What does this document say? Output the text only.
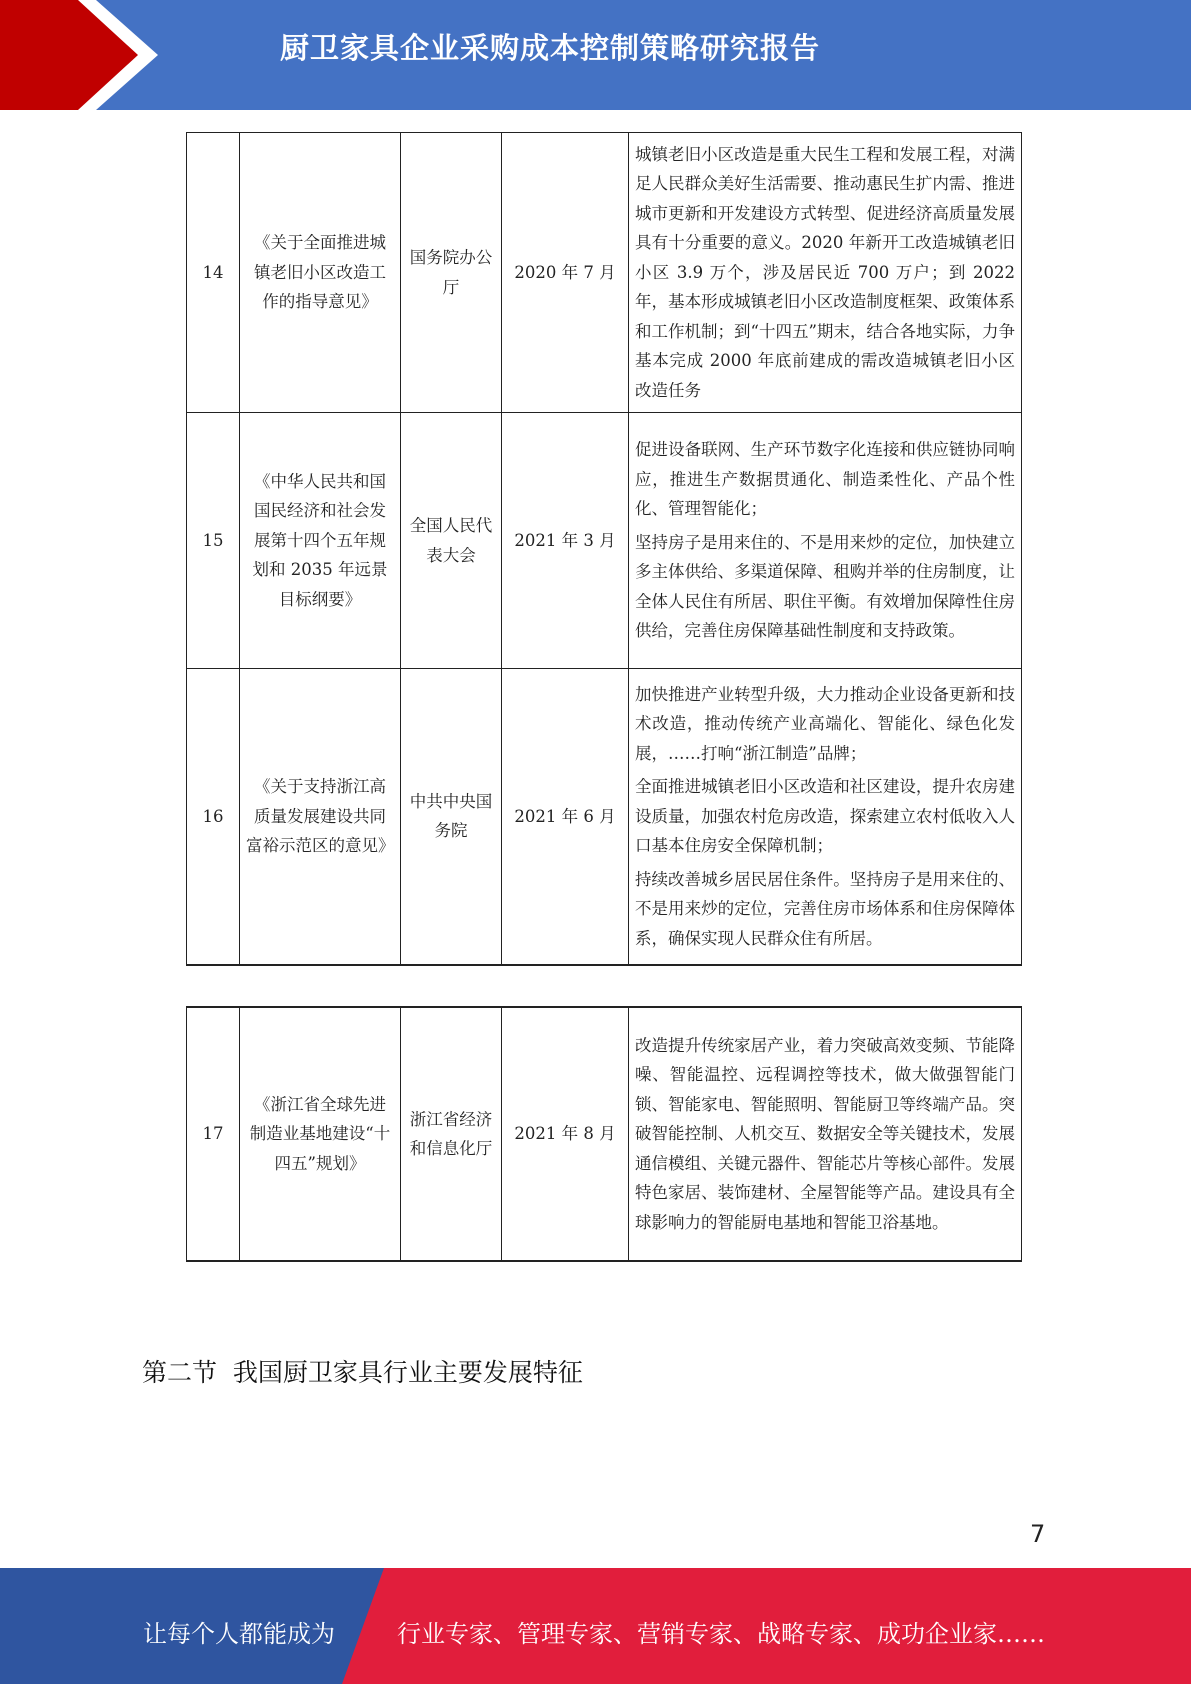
厨卫家具企业采购成本控制策略研究报告
14	《关于全面推进城镇老旧小区改造工作的指导意见》	国务院办公厅	2020 年 7 月	城镇老旧小区改造是重大民生工程和发展工程，对满足人民群众美好生活需要、推动惠民生扩内需、推进城市更新和开发建设方式转型、促进经济高质量发展具有十分重要的意义。2020 年新开工改造城镇老旧小区 3.9 万个，涉及居民近 700 万户；到 2022 年，基本形成城镇老旧小区改造制度框架、政策体系和工作机制；到“十四五”期末，结合各地实际，力争基本完成 2000 年底前建成的需改造城镇老旧小区改造任务

15	《中华人民共和国国民经济和社会发展第十四个五年规划和 2035 年远景目标纲要》	全国人民代表大会	2021 年 3 月	促进设备联网、生产环节数字化连接和供应链协同响应，推进生产数据贯通化、制造柔性化、产品个性化、管理智能化；
坚持房子是用来住的、不是用来炒的定位，加快建立多主体供给、多渠道保障、租购并举的住房制度，让全体人民住有所居、职住平衡。有效增加保障性住房供给，完善住房保障基础性制度和支持政策。

16	《关于支持浙江高质量发展建设共同富裕示范区的意见》	中共中央国务院	2021 年 6 月	加快推进产业转型升级，大力推动企业设备更新和技术改造，推动传统产业高端化、智能化、绿色化发展，……打响“浙江制造”品牌；
全面推进城镇老旧小区改造和社区建设，提升农房建设质量，加强农村危房改造，探索建立农村低收入人口基本住房安全保障机制；
持续改善城乡居民居住条件。坚持房子是用来住的、不是用来炒的定位，完善住房市场体系和住房保障体系，确保实现人民群众住有所居。
17	《浙江省全球先进制造业基地建设“十四五”规划》	浙江省经济和信息化厅	2021 年 8 月	
改造提升传统家居产业，着力突破高效变频、节能降噪、智能温控、远程调控等技术，做大做强智能门锁、智能家电、智能照明、智能厨卫等终端产品。突破智能控制、人机交互、数据安全等关键技术，发展通信模组、关键元器件、智能芯片等核心部件。发展特色家居、装饰建材、全屋智能等产品。建设具有全球影响力的智能厨电基地和智能卫浴基地。
第二节  我国厨卫家具行业主要发展特征
7
让每个人都能成为	行业专家、管理专家、营销专家、战略专家、成功企业家……
